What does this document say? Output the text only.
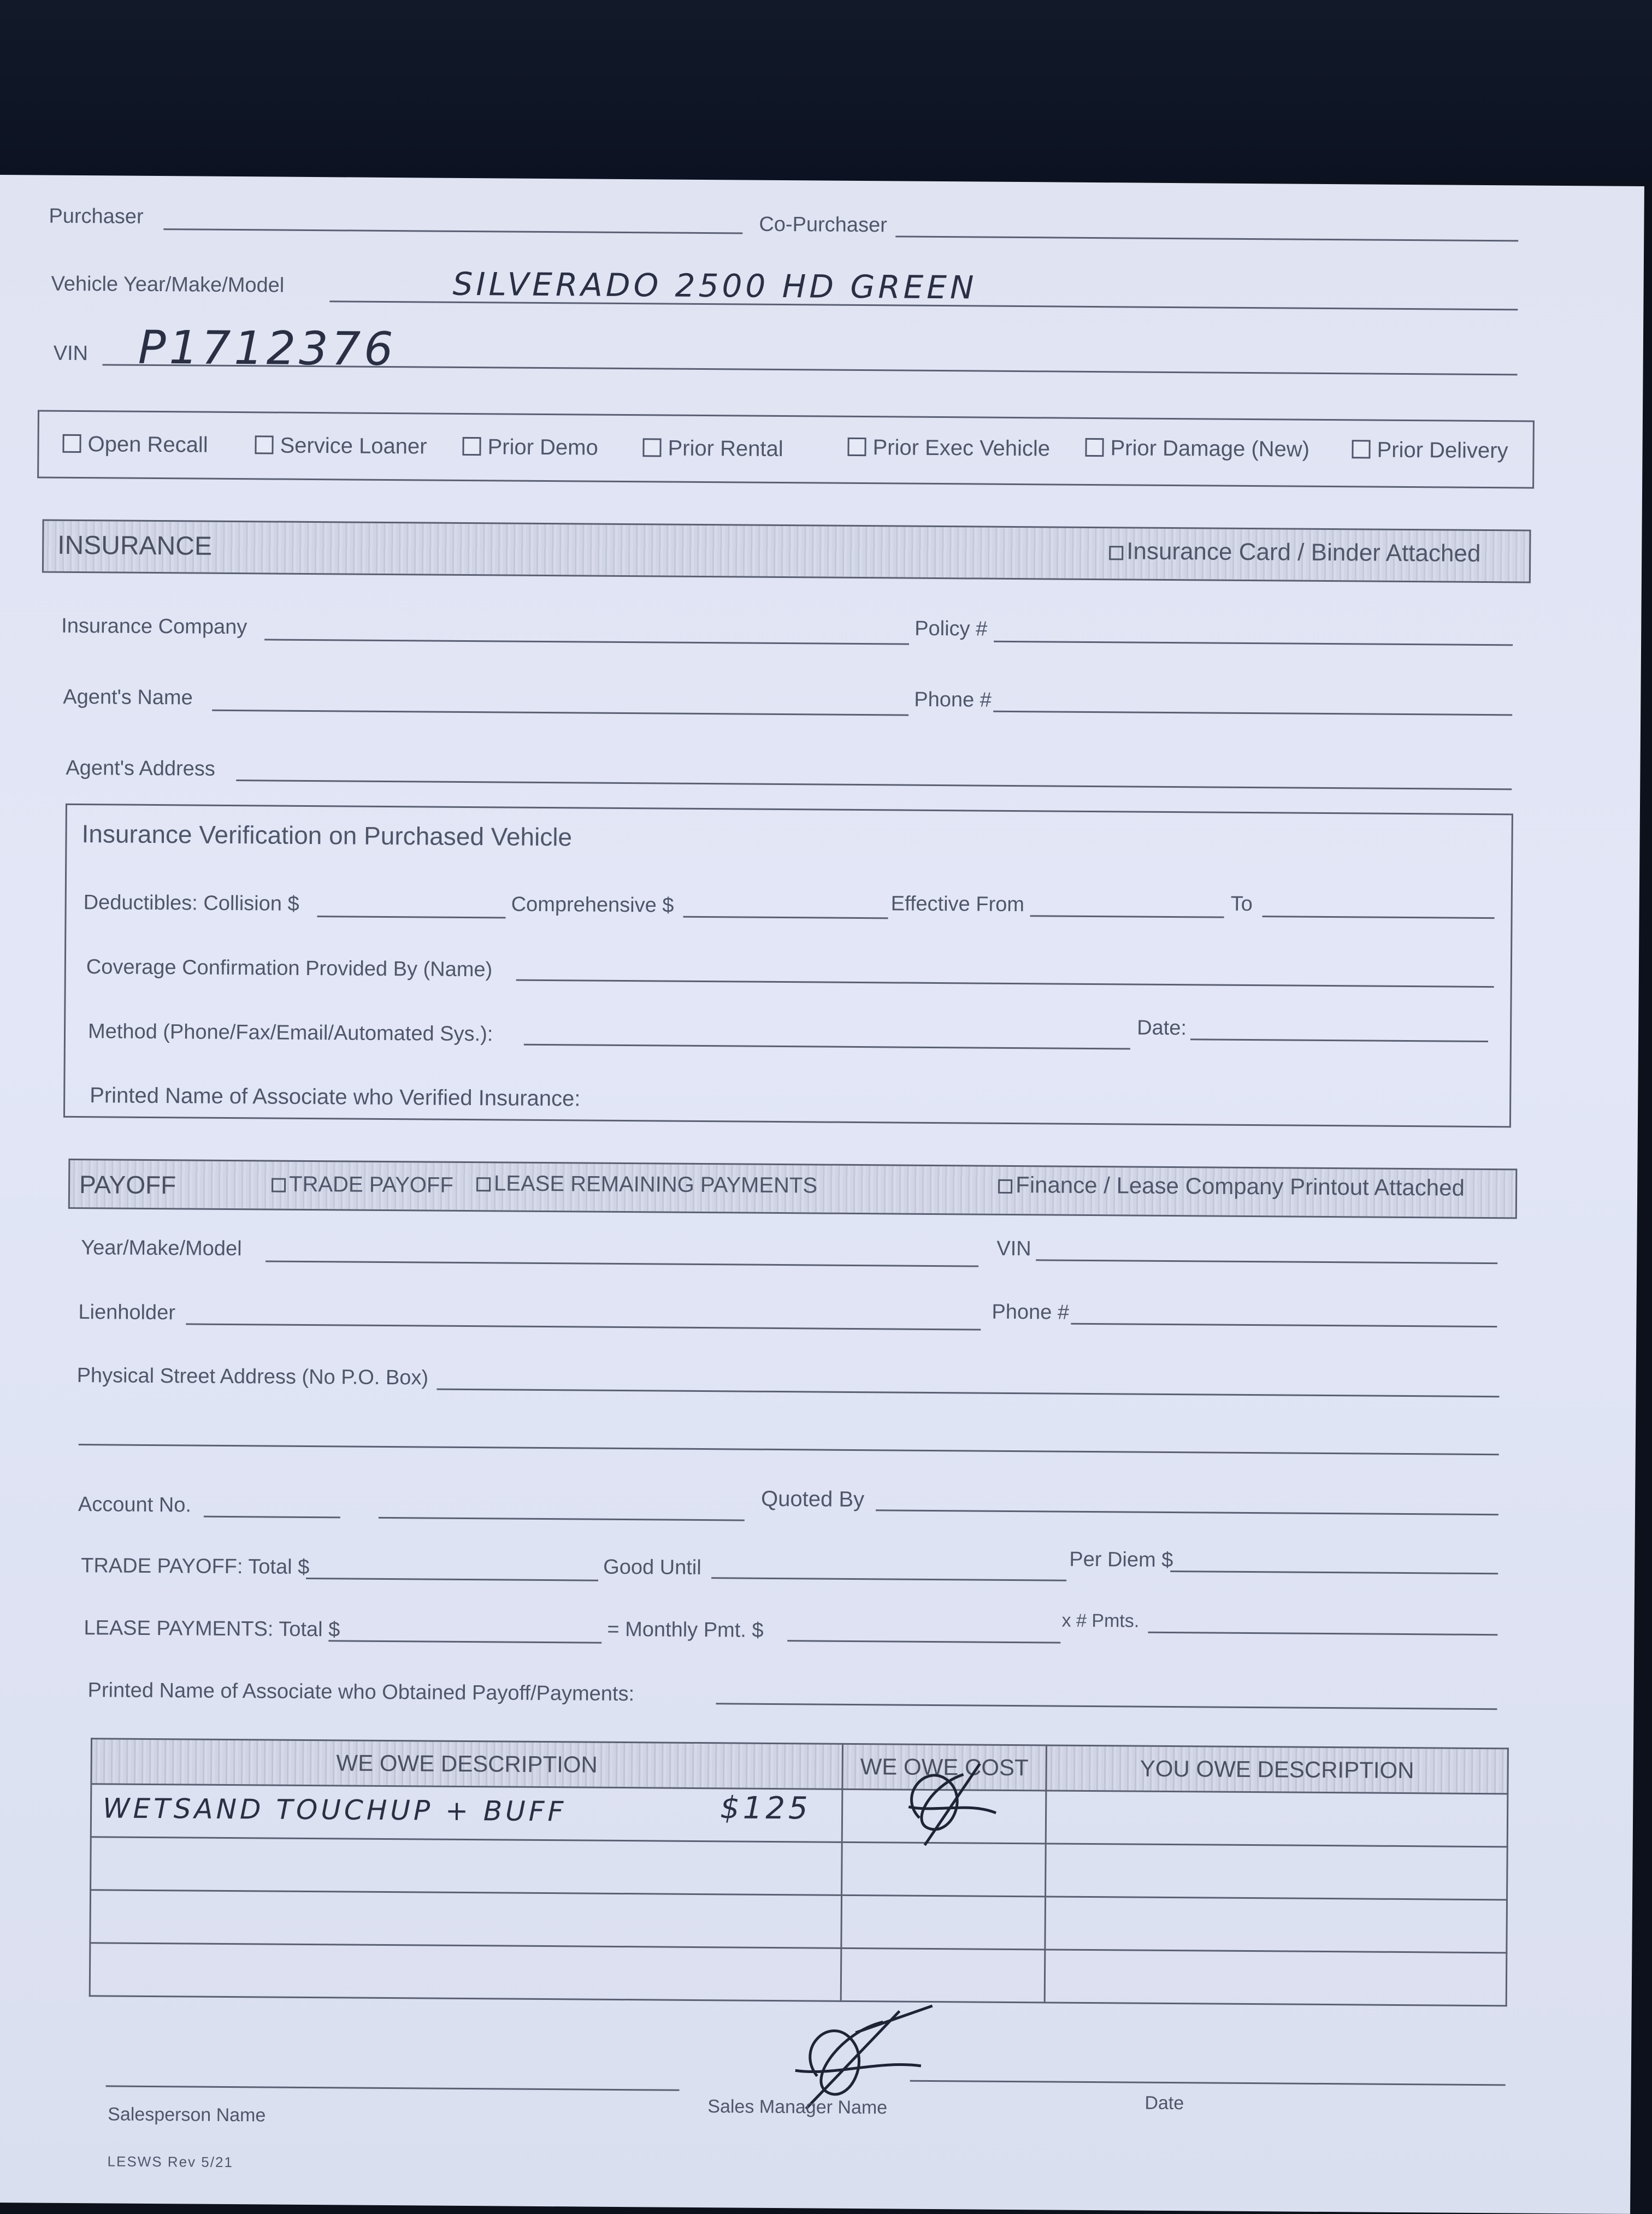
Purchaser	Co-Purchaser
Vehicle Year/Make/Model	SILVERADO 2500 HD GREEN
VIN P1712376
Open Recall	Service Loaner	Prior Demo	Prior Rental	Prior Exec Vehicle	Prior Damage (New)	Prior Delivery
INSURANCE	Insurance Card / Binder Attached
Insurance Company	Policy #
Agent's Name	Phone #
Agent's Address
Insurance Verification on Purchased Vehicle
Deductibles: Collision $	Comprehensive $	Effective From	To
Coverage Confirmation Provided By (Name)
Method (Phone/Fax/Email/Automated Sys.):	Date:
Printed Name of Associate who Verified Insurance:
PAYOFF	TRADE PAYOFF	LEASE REMAINING PAYMENTS	Finance / Lease Company Printout Attached
Year/Make/Model	VIN
Lienholder	Phone #
Physical Street Address (No P.O. Box)
Account No.	Quoted By
TRADE PAYOFF: Total $	Good Until	Per Diem $
LEASE PAYMENTS: Total $	= Monthly Pmt. $	x # Pmts.
Printed Name of Associate who Obtained Payoff/Payments:
WE OWE DESCRIPTION	WE OWE COST	YOU OWE DESCRIPTION

WETSAND TOUCHUP + BUFF $125

Salesperson Name	Sales Manager Name	Date
LESWS Rev 5/21
